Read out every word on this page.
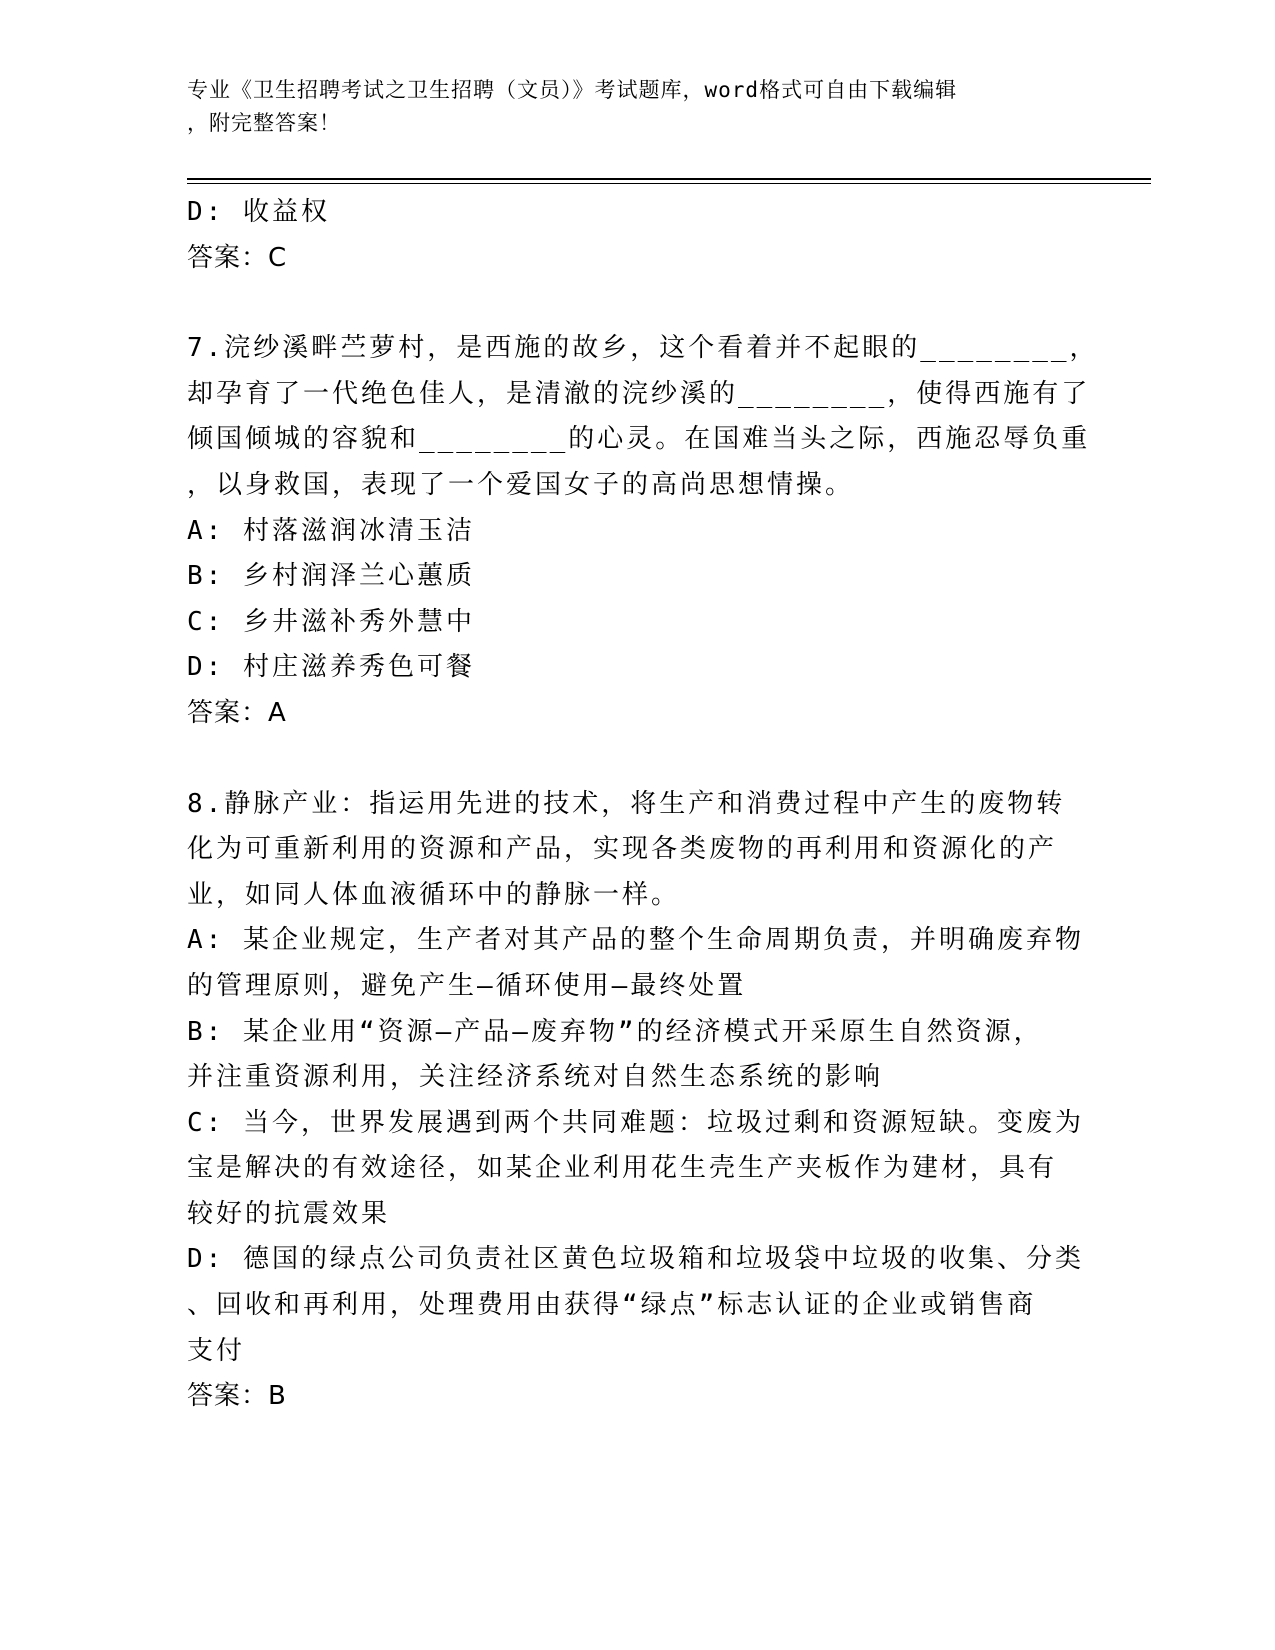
专业《卫生招聘考试之卫生招聘（文员）》考试题库，word格式可自由下载编辑
，附完整答案！

D: 收益权

答案：C

7.浣纱溪畔苎萝村，是西施的故乡，这个看着并不起眼的________，

却孕育了一代绝色佳人，是清澈的浣纱溪的________，使得西施有了

倾国倾城的容貌和________的心灵。在国难当头之际，西施忍辱负重

，以身救国，表现了一个爱国女子的高尚思想情操。

A: 村落滋润冰清玉洁

B: 乡村润泽兰心蕙质

C: 乡井滋补秀外慧中

D: 村庄滋养秀色可餐

答案：A

8.静脉产业：指运用先进的技术，将生产和消费过程中产生的废物转

化为可重新利用的资源和产品，实现各类废物的再利用和资源化的产

业，如同人体血液循环中的静脉一样。

A: 某企业规定，生产者对其产品的整个生命周期负责，并明确废弃物

的管理原则，避免产生—循环使用—最终处置

B: 某企业用“资源—产品—废弃物”的经济模式开采原生自然资源，

并注重资源利用，关注经济系统对自然生态系统的影响

C: 当今，世界发展遇到两个共同难题：垃圾过剩和资源短缺。变废为

宝是解决的有效途径，如某企业利用花生壳生产夹板作为建材，具有

较好的抗震效果

D: 德国的绿点公司负责社区黄色垃圾箱和垃圾袋中垃圾的收集、分类

、回收和再利用，处理费用由获得“绿点”标志认证的企业或销售商

支付

答案：B
